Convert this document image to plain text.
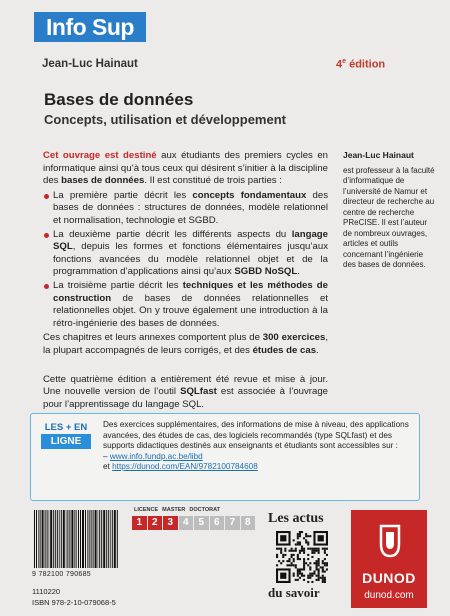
Info Sup
Jean-Luc Hainaut	4e édition
Bases de données
Concepts, utilisation et développement

Cet ouvrage est destiné aux étudiants des premiers cycles en informatique ainsi qu’à tous ceux qui désirent s’initier à la discipline des bases de données. Il est constitué de trois parties :

La première partie décrit les concepts fondamentaux des bases de données : structures de données, modèle relationnel et normalisation, technologie et SGBD.
La deuxième partie décrit les différents aspects du langage SQL, depuis les formes et fonctions élémentaires jusqu’aux fonctions avancées du modèle relationnel objet et de la programmation d’applications ainsi qu’aux SGBD NoSQL.
La troisième partie décrit les techniques et les méthodes de construction de bases de données relationnelles et relationnelles objet. On y trouve également une introduction à la rétro-ingénierie des bases de données.

Ces chapitres et leurs annexes comportent plus de 300 exercices, la plupart accompagnés de leurs corrigés, et des études de cas.

Cette quatrième édition a entièrement été revue et mise à jour. Une nouvelle version de l’outil SQLfast est associée à l’ouvrage pour l’apprentissage du langage SQL.

Jean-Luc Hainaut
est professeur à la faculté d’informatique de l’université de Namur et directeur de recherche au centre de recherche PReCISE. Il est l’auteur de nombreux ouvrages, articles et outils concernant l’ingénierie des bases de données.
LES + EN
LIGNE
Des exercices supplémentaires, des informations de mise à niveau, des applications avancées, des études de cas, des logiciels recommandés (type SQLfast) et des supports didactiques destinés aux enseignants et étudiants sont accessibles sur :
– www.info.fundp.ac.be/libd
et https://dunod.com/EAN/9782100784608
LICENCE MASTER DOCTORAT
1 2 3 4 5 6 7 8
9 782100 790685
1110220
ISBN 978-2-10-079068-5
Les actus
du savoir
DUNOD
dunod.com
